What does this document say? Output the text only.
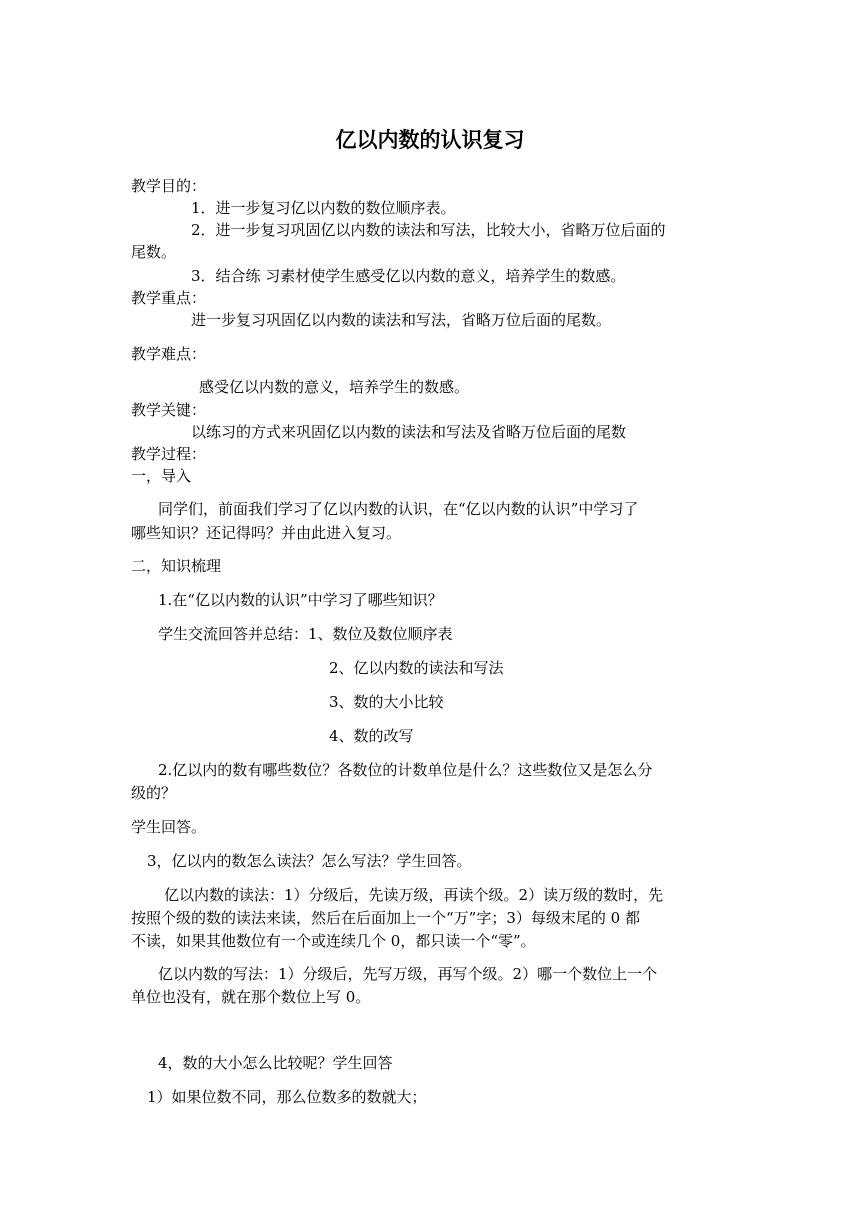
亿以内数的认识复习
教学目的：
1．进一步复习亿以内数的数位顺序表。
2．进一步复习巩固亿以内数的读法和写法，比较大小，省略万位后面的
尾数。
3．结合练 习素材使学生感受亿以内数的意义，培养学生的数感。
教学重点：
进一步复习巩固亿以内数的读法和写法，省略万位后面的尾数。
教学难点：
感受亿以内数的意义，培养学生的数感。
教学关键：
以练习的方式来巩固亿以内数的读法和写法及省略万位后面的尾数
教学过程：
一，导入
同学们，前面我们学习了亿以内数的认识，在“亿以内数的认识”中学习了
哪些知识？还记得吗？并由此进入复习。
二，知识梳理
1.在“亿以内数的认识”中学习了哪些知识？
学生交流回答并总结：1、数位及数位顺序表
2、亿以内数的读法和写法
3、数的大小比较
4、数的改写
2.亿以内的数有哪些数位？各数位的计数单位是什么？这些数位又是怎么分
级的？
学生回答。
3，亿以内的数怎么读法？怎么写法？学生回答。
亿以内数的读法：1）分级后，先读万级，再读个级。2）读万级的数时，先
按照个级的数的读法来读，然后在后面加上一个“万”字；3）每级末尾的 0 都
不读，如果其他数位有一个或连续几个 0，都只读一个“零”。
亿以内数的写法：1）分级后，先写万级，再写个级。2）哪一个数位上一个
单位也没有，就在那个数位上写 0。
4，数的大小怎么比较呢？学生回答
1）如果位数不同，那么位数多的数就大；
